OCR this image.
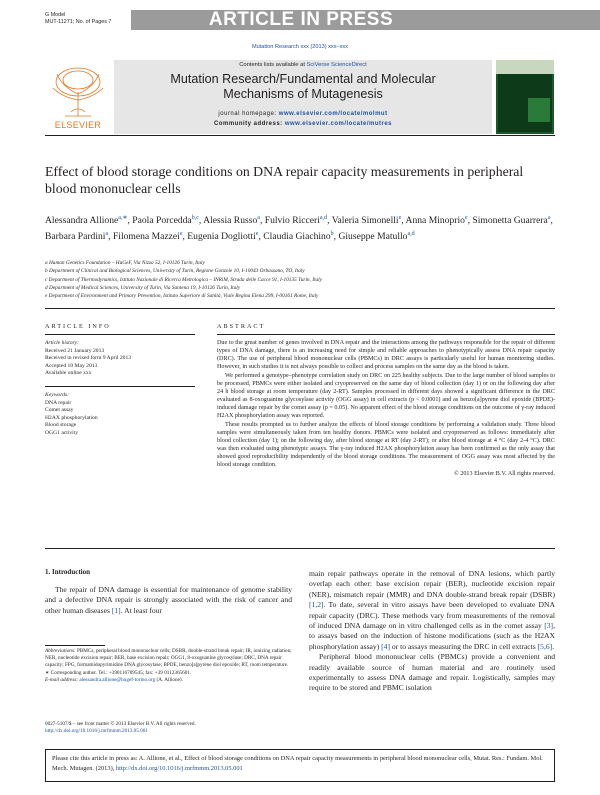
G Model
MUT-11271; No. of Pages 7	ARTICLE IN PRESS
Mutation Research xxx (2013) xxx–xxx
ELSEVIER
Contents lists available at SciVerse ScienceDirect
Mutation Research/Fundamental and Molecular
Mechanisms of Mutagenesis
journal homepage: www.elsevier.com/locate/molmut
Community address: www.elsevier.com/locate/mutres
Effect of blood storage conditions on DNA repair capacity measurements in peripheral blood mononuclear cells
Alessandra Allione$^{a,∗}$, Paola Porcedda$^{b,c}$, Alessia Russo$^a$, Fulvio Ricceri$^{a,d}$, Valeria Simonelli$^e$, Anna Minoprio$^e$, Simonetta Guarrera$^a$, Barbara Pardini$^a$, Filomena Mazzei$^e$, Eugenia Dogliotti$^e$, Claudia Giachino$^b$, Giuseppe Matullo$^{a,d}$
a Human Genetics Foundation – HuGeF, Via Nizza 52, I-10126 Turin, Italy
b Department of Clinical and Biological Sciences, University of Turin, Regione Gonzole 10, I-10043 Orbassano, TO, Italy
c Department of Thermodynamics, Istituto Nazionale di Ricerca Metrologica – INRiM, Strada delle Cacce 91, I-10135 Turin, Italy
d Department of Medical Sciences, University of Turin, Via Santena 19, I-10126 Turin, Italy
e Department of Environment and Primary Prevention, Istituto Superiore di Sanità, Viale Regina Elena 299, I-00161 Rome, Italy
ARTICLE INFO
Article history:
Received 21 January 2013
Received in revised form 9 April 2013
Accepted 10 May 2013
Available online xxx
Keywords:
DNA repair
Comet assay
H2AX phosphorylation
Blood storage
OGG1 activity
ABSTRACT

Due to the great number of genes involved in DNA repair and the interactions among the pathways responsible for the repair of different types of DNA damage, there is an increasing need for simple and reliable approaches to phenotypically assess DNA repair capacity (DRC). The use of peripheral blood mononuclear cells (PBMCs) in DRC assays is particularly useful for human monitoring studies. However, in such studies it is not always possible to collect and process samples on the same day as the blood is taken.

We performed a genotype–phenotype correlation study on DRC on 225 healthy subjects. Due to the large number of blood samples to be processed, PBMCs were either isolated and cryopreserved on the same day of blood collection (day 1) or on the following day after 24 h blood storage at room temperature (day 2-RT). Samples processed in different days showed a significant difference in the DRC evaluated as 8-oxoguanine glycosylase activity (OGG assay) in cell extracts (p < 0.0001) and as benzo[a]pyrene diol epoxide (BPDE)-induced damage repair by the comet assay (p = 0.05). No apparent effect of the blood storage conditions on the outcome of γ-ray induced H2AX phosphorylation assay was reported.

These results prompted us to further analyze the effects of blood storage conditions by performing a validation study. Three blood samples were simultaneously taken from ten healthy donors. PBMCs were isolated and cryopreserved as follows: immediately after blood collection (day 1); on the following day, after blood storage at RT (day 2-RT); or after blood storage at 4 °C (day 2-4 °C). DRC was then evaluated using phenotypic assays. The γ-ray induced H2AX phosphorylation assay has been confirmed as the only assay that showed good reproducibility independently of the blood storage conditions. The measurement of OGG assay was most affected by the blood storage condition.

© 2013 Elsevier B.V. All rights reserved.
1. Introduction

The repair of DNA damage is essential for maintenance of genome stability and a defective DNA repair is strongly associated with the risk of cancer and other human diseases [1]. At least four

Abbreviations: PBMCs, peripheral blood mononuclear cells; DSBR, double-strand break repair; IR, ionizing radiation; NER, nucleotide excision repair; BER, base excision repair; OGG1, 8-oxoguanine glycosylase; DRC, DNA repair capacity; FPG, formamidopyrimidine DNA glycosylase; BPDE, benzo[a]pyrene diol epoxide; RT, room temperature.

∗ Corresponding author. Tel.: +390116709545; fax: +39 0112365601.

E-mail address: alessandra.allione@hugef-torino.org (A. Allione).

0027-5107/$ – see front matter © 2013 Elsevier B.V. All rights reserved.
http://dx.doi.org/10.1016/j.mrfmmm.2013.05.001

main repair pathways operate in the removal of DNA lesions, which partly overlap each other: base excision repair (BER), nucleotide excision repair (NER), mismatch repair (MMR) and DNA double-strand break repair (DSBR) [1,2]. To date, several in vitro assays have been developed to evaluate DNA repair capacity (DRC). These methods vary from measurements of the removal of induced DNA damage on in vitro challenged cells as in the comet assay [3], to assays based on the induction of histone modifications (such as the H2AX phosphorylation assay) [4] or to assays measuring the DRC in cell extracts [5,6].

Peripheral blood mononuclear cells (PBMCs) provide a convenient and readily available source of human material and are routinely used experimentally to assess DNA damage and repair. Logistically, samples may require to be stored and PBMC isolation

Please cite this article in press as: A. Allione, et al., Effect of blood storage conditions on DNA repair capacity measurements in peripheral blood mononuclear cells, Mutat. Res.: Fundam. Mol. Mech. Mutagen. (2013), http://dx.doi.org/10.1016/j.mrfmmm.2013.05.001
